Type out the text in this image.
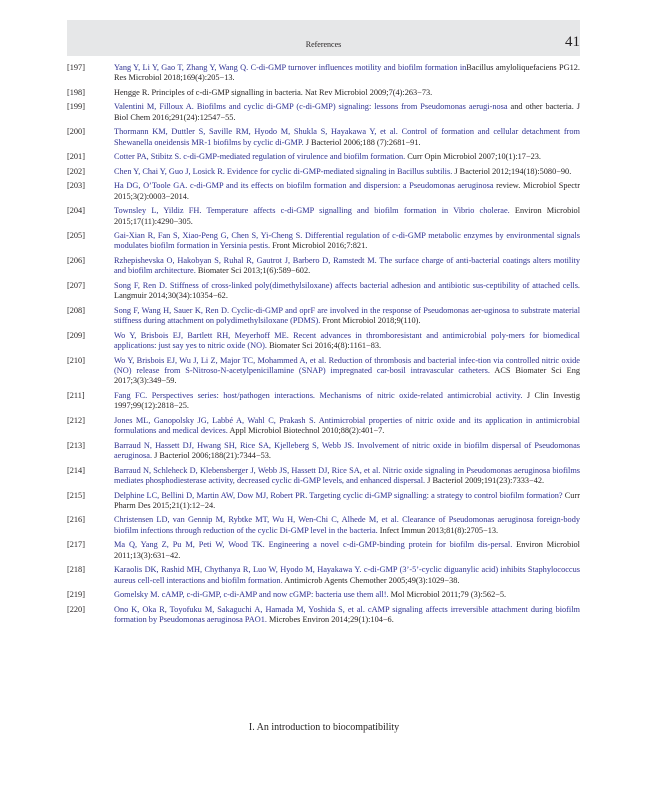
References	41
[197]	Yang Y, Li Y, Gao T, Zhang Y, Wang Q. C-di-GMP turnover influences motility and biofilm formation inBacillus amyloliquefaciens PG12. Res Microbiol 2018;169(4):205−13.
[198]	Hengge R. Principles of c-di-GMP signalling in bacteria. Nat Rev Microbiol 2009;7(4):263−73.
[199]	Valentini M, Filloux A. Biofilms and cyclic di-GMP (c-di-GMP) signaling: lessons from Pseudomonas aerugi-nosa and other bacteria. J Biol Chem 2016;291(24):12547−55.
[200]	Thormann KM, Duttler S, Saville RM, Hyodo M, Shukla S, Hayakawa Y, et al. Control of formation and cellular detachment from Shewanella oneidensis MR-1 biofilms by cyclic di-GMP. J Bacteriol 2006;188 (7):2681−91.
[201]	Cotter PA, Stibitz S. c-di-GMP-mediated regulation of virulence and biofilm formation. Curr Opin Microbiol 2007;10(1):17−23.
[202]	Chen Y, Chai Y, Guo J, Losick R. Evidence for cyclic di-GMP-mediated signaling in Bacillus subtilis. J Bacteriol 2012;194(18):5080−90.
[203]	Ha DG, O’Toole GA. c-di-GMP and its effects on biofilm formation and dispersion: a Pseudomonas aeruginosa review. Microbiol Spectr 2015;3(2):0003−2014.
[204]	Townsley L, Yildiz FH. Temperature affects c-di-GMP signalling and biofilm formation in Vibrio cholerae. Environ Microbiol 2015;17(11):4290−305.
[205]	Gai-Xian R, Fan S, Xiao-Peng G, Chen S, Yi-Cheng S. Differential regulation of c-di-GMP metabolic enzymes by environmental signals modulates biofilm formation in Yersinia pestis. Front Microbiol 2016;7:821.
[206]	Rzhepishevska O, Hakobyan S, Ruhal R, Gautrot J, Barbero D, Ramstedt M. The surface charge of anti-bacterial coatings alters motility and biofilm architecture. Biomater Sci 2013;1(6):589−602.
[207]	Song F, Ren D. Stiffness of cross-linked poly(dimethylsiloxane) affects bacterial adhesion and antibiotic sus-ceptibility of attached cells. Langmuir 2014;30(34):10354−62.
[208]	Song F, Wang H, Sauer K, Ren D. Cyclic-di-GMP and oprF are involved in the response of Pseudomonas aer-uginosa to substrate material stiffness during attachment on polydimethylsiloxane (PDMS). Front Microbiol 2018;9(110).
[209]	Wo Y, Brisbois EJ, Bartlett RH, Meyerhoff ME. Recent advances in thromboresistant and antimicrobial poly-mers for biomedical applications: just say yes to nitric oxide (NO). Biomater Sci 2016;4(8):1161−83.
[210]	Wo Y, Brisbois EJ, Wu J, Li Z, Major TC, Mohammed A, et al. Reduction of thrombosis and bacterial infec-tion via controlled nitric oxide (NO) release from S-Nitroso-N-acetylpenicillamine (SNAP) impregnated car-bosil intravascular catheters. ACS Biomater Sci Eng 2017;3(3):349−59.
[211]	Fang FC. Perspectives series: host/pathogen interactions. Mechanisms of nitric oxide-related antimicrobial activity. J Clin Investig 1997;99(12):2818−25.
[212]	Jones ML, Ganopolsky JG, Labbé A, Wahl C, Prakash S. Antimicrobial properties of nitric oxide and its application in antimicrobial formulations and medical devices. Appl Microbiol Biotechnol 2010;88(2):401−7.
[213]	Barraud N, Hassett DJ, Hwang SH, Rice SA, Kjelleberg S, Webb JS. Involvement of nitric oxide in biofilm dispersal of Pseudomonas aeruginosa. J Bacteriol 2006;188(21):7344−53.
[214]	Barraud N, Schleheck D, Klebensberger J, Webb JS, Hassett DJ, Rice SA, et al. Nitric oxide signaling in Pseudomonas aeruginosa biofilms mediates phosphodiesterase activity, decreased cyclic di-GMP levels, and enhanced dispersal. J Bacteriol 2009;191(23):7333−42.
[215]	Delphine LC, Bellini D, Martin AW, Dow MJ, Robert PR. Targeting cyclic di-GMP signalling: a strategy to control biofilm formation? Curr Pharm Des 2015;21(1):12−24.
[216]	Christensen LD, van Gennip M, Rybtke MT, Wu H, Wen-Chi C, Alhede M, et al. Clearance of Pseudomonas aeruginosa foreign-body biofilm infections through reduction of the cyclic Di-GMP level in the bacteria. Infect Immun 2013;81(8):2705−13.
[217]	Ma Q, Yang Z, Pu M, Peti W, Wood TK. Engineering a novel c-di-GMP-binding protein for biofilm dis-persal. Environ Microbiol 2011;13(3):631−42.
[218]	Karaolis DK, Rashid MH, Chythanya R, Luo W, Hyodo M, Hayakawa Y. c-di-GMP (3’-5’-cyclic diguanylic acid) inhibits Staphylococcus aureus cell-cell interactions and biofilm formation. Antimicrob Agents Chemother 2005;49(3):1029−38.
[219]	Gomelsky M. cAMP, c-di-GMP, c-di-AMP and now cGMP: bacteria use them all!. Mol Microbiol 2011;79 (3):562−5.
[220]	Ono K, Oka R, Toyofuku M, Sakaguchi A, Hamada M, Yoshida S, et al. cAMP signaling affects irreversible attachment during biofilm formation by Pseudomonas aeruginosa PAO1. Microbes Environ 2014;29(1):104−6.
I. An introduction to biocompatibility
